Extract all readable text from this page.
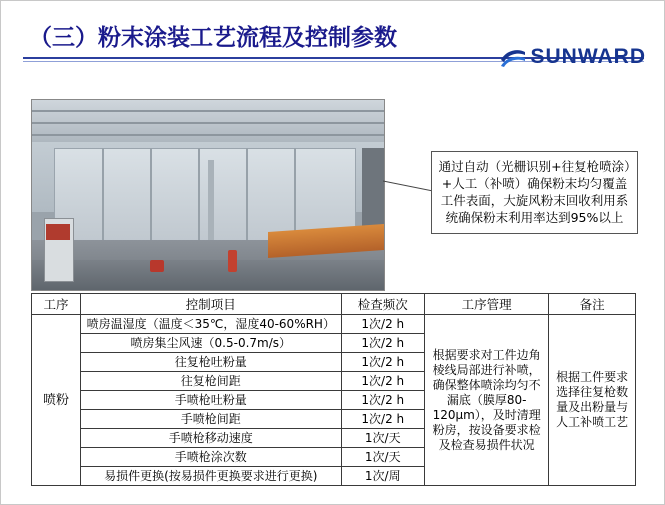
（三）粉末涂装工艺流程及控制参数
SUNWARD
通过自动（光栅识别+往复枪喷涂）+人工（补喷）确保粉末均匀覆盖工件表面，大旋风粉末回收利用系统确保粉末利用率达到95%以上
工序	控制项目	检查频次	工序管理	备注
喷粉	喷房温湿度（温度＜35℃，湿度40-60%RH）	1次/2 h	根据要求对工件边角棱线局部进行补喷，确保整体喷涂均匀不漏底（膜厚80-120μm），及时清理粉房，按设备要求检及检查易损件状况	根据工件要求选择往复枪数量及出粉量与人工补喷工艺
	喷房集尘风速（0.5-0.7m/s）	1次/2 h		
	往复枪吐粉量	1次/2 h		
	往复枪间距	1次/2 h		
	手喷枪吐粉量	1次/2 h		
	手喷枪间距	1次/2 h		
	手喷枪移动速度	1次/天		
	手喷枪涂次数	1次/天		
	易损件更换(按易损件更换要求进行更换)	1次/周		
